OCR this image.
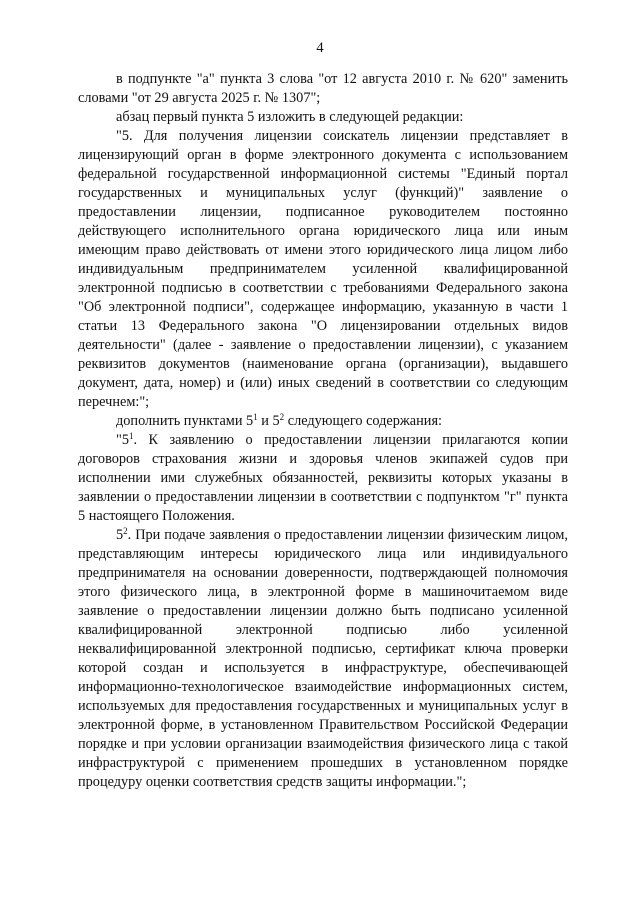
4

в подпункте "а" пункта 3 слова "от 12 августа 2010 г. № 620" заменить словами "от 29 августа 2025 г. № 1307";

абзац первый пункта 5 изложить в следующей редакции:

"5. Для получения лицензии соискатель лицензии представляет в лицензирующий орган в форме электронного документа с использованием федеральной государственной информационной системы "Единый портал государственных и муниципальных услуг (функций)" заявление о предоставлении лицензии, подписанное руководителем постоянно действующего исполнительного органа юридического лица или иным имеющим право действовать от имени этого юридического лица лицом либо индивидуальным предпринимателем усиленной квалифицированной электронной подписью в соответствии с требованиями Федерального закона "Об электронной подписи", содержащее информацию, указанную в части 1 статьи 13 Федерального закона "О лицензировании отдельных видов деятельности" (далее - заявление о предоставлении лицензии), с указанием реквизитов документов (наименование органа (организации), выдавшего документ, дата, номер) и (или) иных сведений в соответствии со следующим перечнем:";

дополнить пунктами $5^1$ и $5^2$ следующего содержания:

"$5^1$. К заявлению о предоставлении лицензии прилагаются копии договоров страхования жизни и здоровья членов экипажей судов при исполнении ими служебных обязанностей, реквизиты которых указаны в заявлении о предоставлении лицензии в соответствии с подпунктом "г" пункта 5 настоящего Положения.

$5^2$. При подаче заявления о предоставлении лицензии физическим лицом, представляющим интересы юридического лица или индивидуального предпринимателя на основании доверенности, подтверждающей полномочия этого физического лица, в электронной форме в машиночитаемом виде заявление о предоставлении лицензии должно быть подписано усиленной квалифицированной электронной подписью либо усиленной неквалифицированной электронной подписью, сертификат ключа проверки которой создан и используется в инфраструктуре, обеспечивающей информационно-технологическое взаимодействие информационных систем, используемых для предоставления государственных и муниципальных услуг в электронной форме, в установленном Правительством Российской Федерации порядке и при условии организации взаимодействия физического лица с такой инфраструктурой с применением прошедших в установленном порядке процедуру оценки соответствия средств защиты информации.";
